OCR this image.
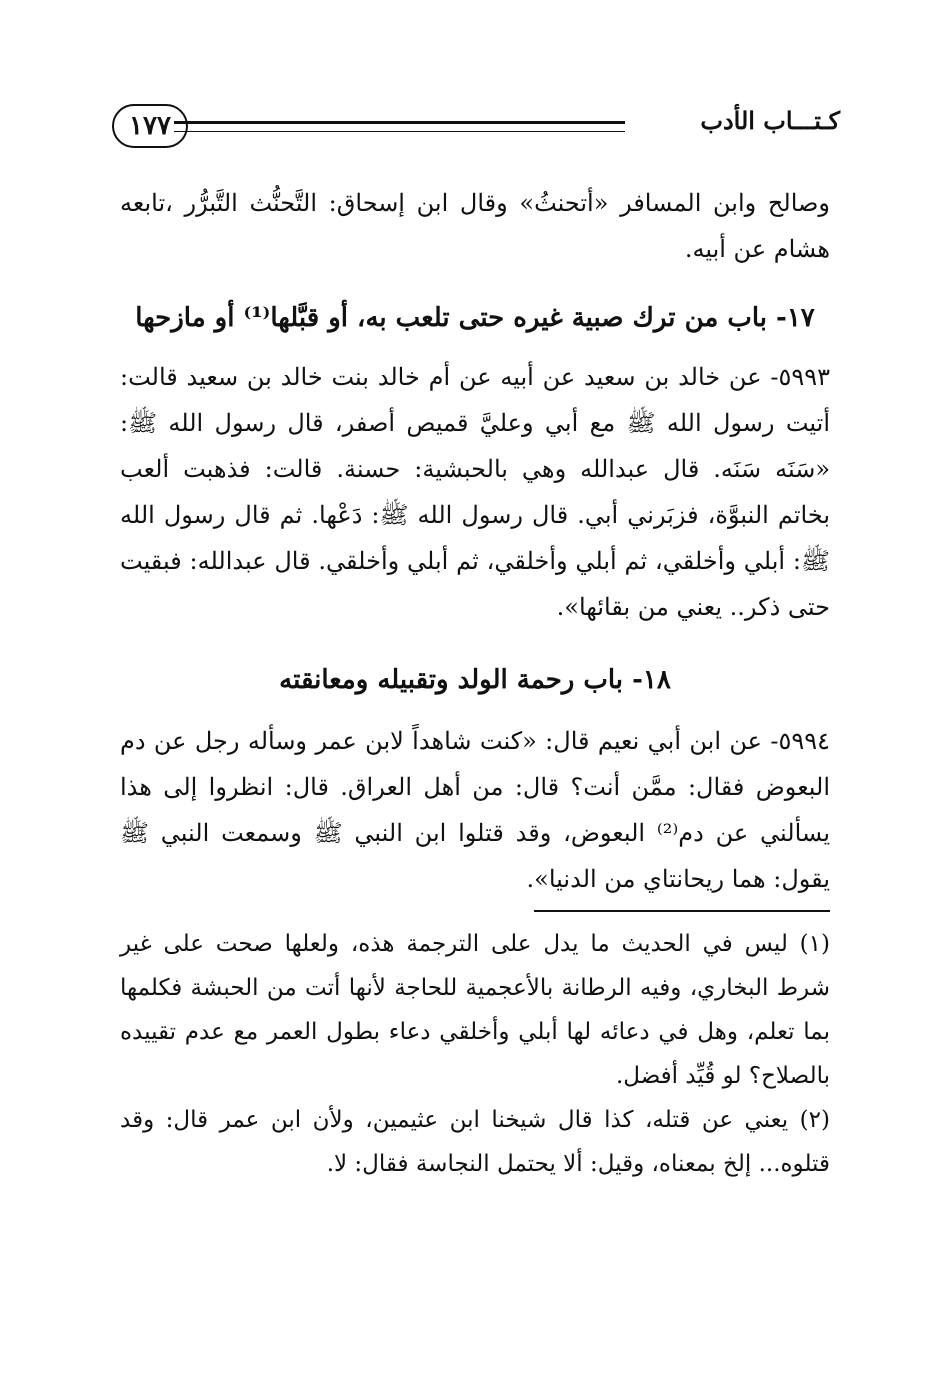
كـتـــاب الأدب
١٧٧

وصالح وابن المسافر «أتحنثُ» وقال ابن إسحاق: التَّحنُّث التَّبرُّر ،تابعه هشام عن أبيه.

١٧- باب من ترك صبية غيره حتى تلعب به، أو قبَّلها⁽¹⁾ أو مازحها

٥٩٩٣- عن خالد بن سعيد عن أبيه عن أم خالد بنت خالد بن سعيد قالت: أتيت رسول الله ﷺ مع أبي وعليَّ قميص أصفر، قال رسول الله ﷺ: «سَنَه سَنَه. قال عبدالله وهي بالحبشية: حسنة. قالت: فذهبت ألعب بخاتم النبوَّة، فزبَرني أبي. قال رسول الله ﷺ: دَعْها. ثم قال رسول الله ﷺ: أبلي وأخلقي، ثم أبلي وأخلقي، ثم أبلي وأخلقي. قال عبدالله: فبقيت حتى ذكر.. يعني من بقائها».

١٨- باب رحمة الولد وتقبيله ومعانقته

٥٩٩٤- عن ابن أبي نعيم قال: «كنت شاهداً لابن عمر وسأله رجل عن دم البعوض فقال: ممَّن أنت؟ قال: من أهل العراق. قال: انظروا إلى هذا يسألني عن دم⁽²⁾ البعوض، وقد قتلوا ابن النبي ﷺ وسمعت النبي ﷺ يقول: هما ريحانتاي من الدنيا».

(١) ليس في الحديث ما يدل على الترجمة هذه، ولعلها صحت على غير شرط البخاري، وفيه الرطانة بالأعجمية للحاجة لأنها أتت من الحبشة فكلمها بما تعلم، وهل في دعائه لها أبلي وأخلقي دعاء بطول العمر مع عدم تقييده بالصلاح؟ لو قُيِّد أفضل.

(٢) يعني عن قتله، كذا قال شيخنا ابن عثيمين، ولأن ابن عمر قال: وقد قتلوه... إلخ بمعناه، وقيل: ألا يحتمل النجاسة فقال: لا.
